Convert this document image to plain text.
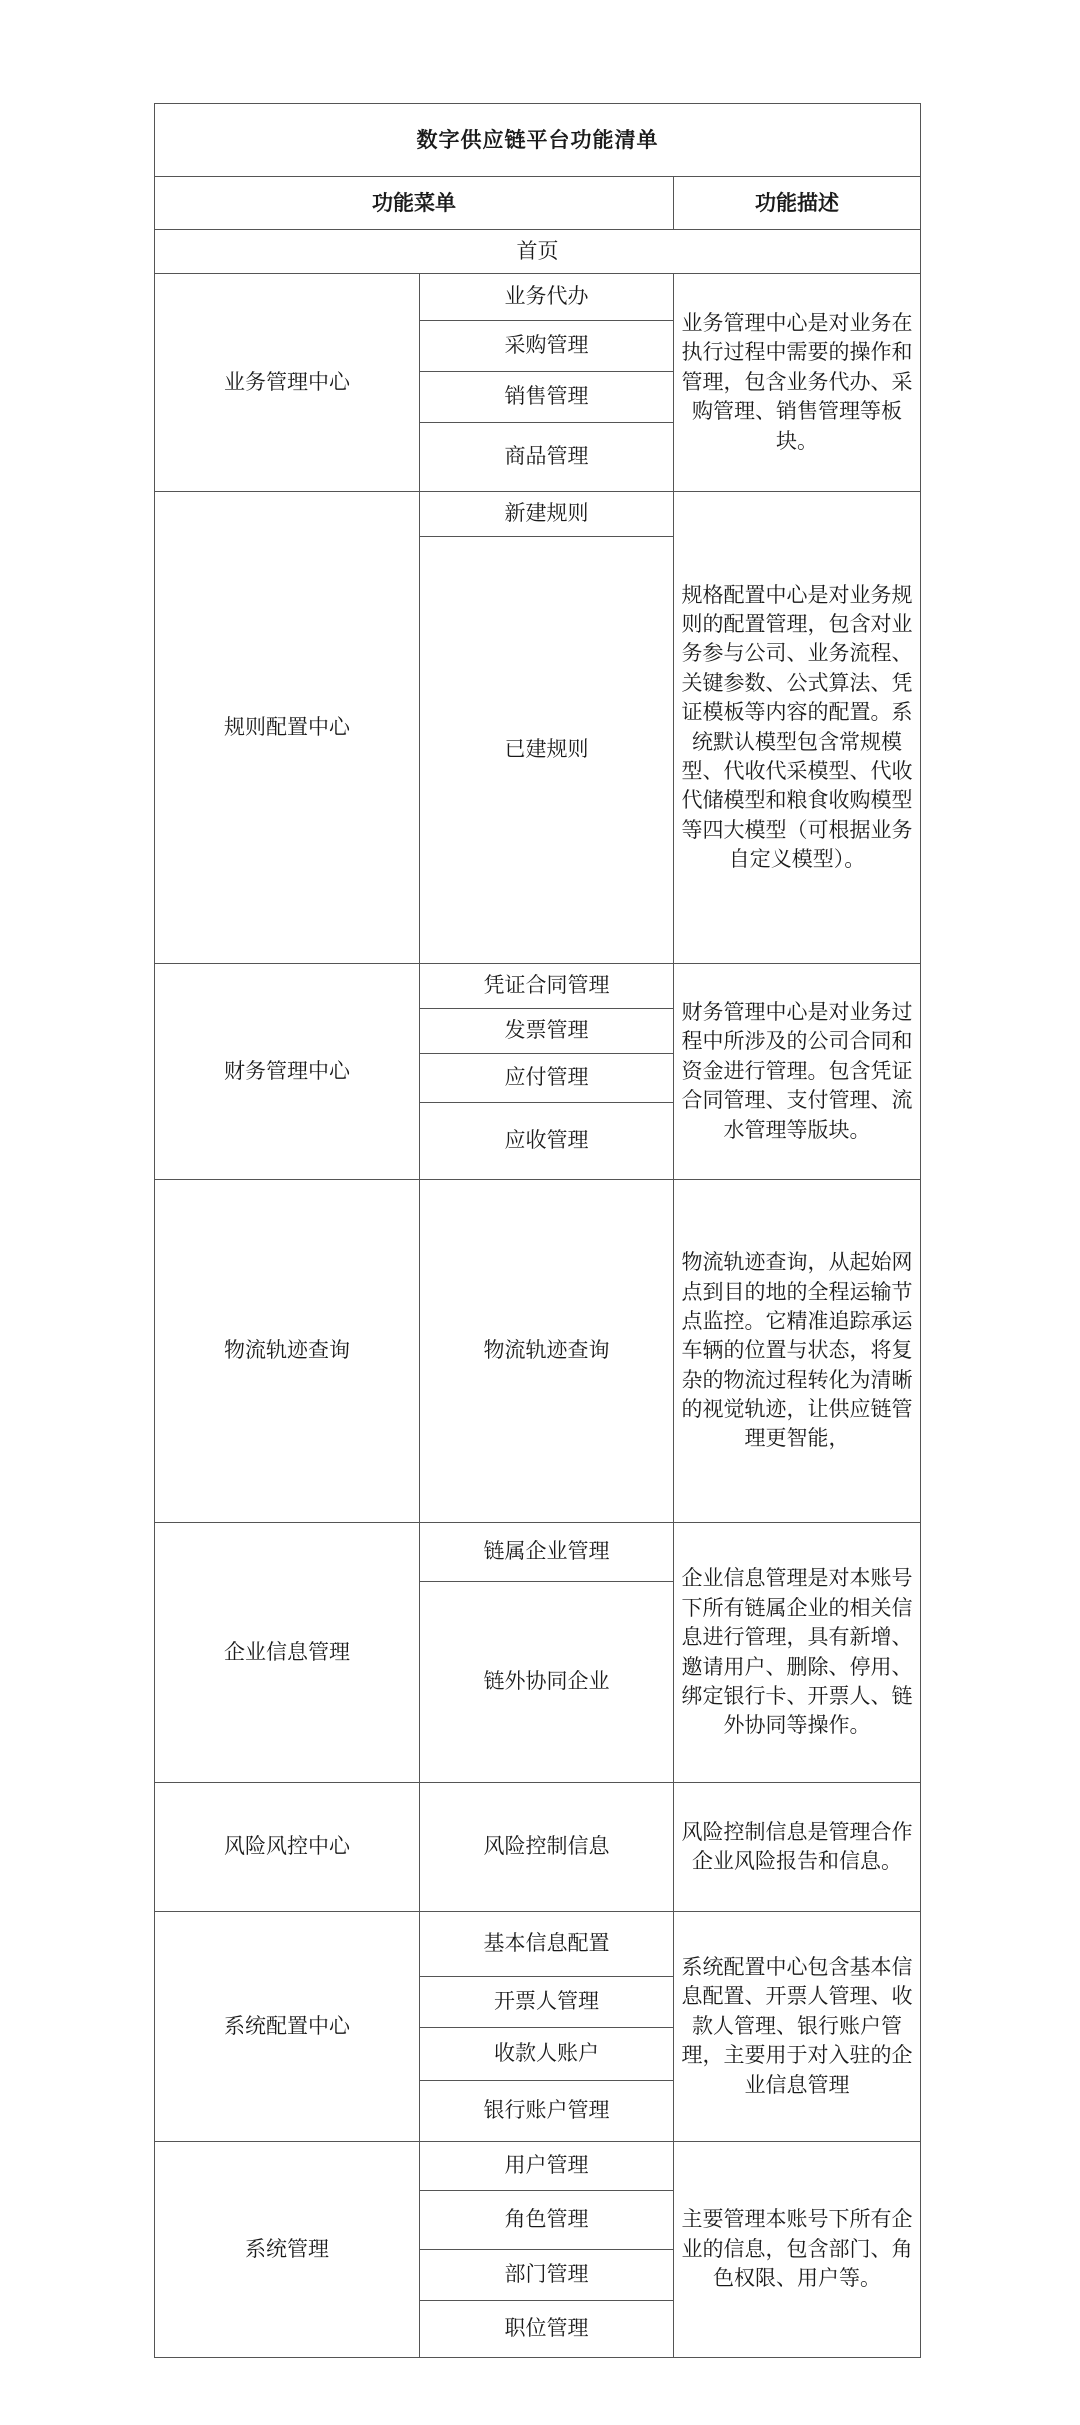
数字供应链平台功能清单		
功能菜单		功能描述
首页		
业务管理中心	业务代办	业务管理中心是对业务在执行过程中需要的操作和管理，包含业务代办、采购管理、销售管理等板块。
	采购管理	
	销售管理	
	商品管理	
规则配置中心	新建规则	规格配置中心是对业务规则的配置管理，包含对业务参与公司、业务流程、关键参数、公式算法、凭证模板等内容的配置。系统默认模型包含常规模型、代收代采模型、代收代储模型和粮食收购模型等四大模型（可根据业务自定义模型）。
	已建规则	
财务管理中心	凭证合同管理	财务管理中心是对业务过程中所涉及的公司合同和资金进行管理。包含凭证合同管理、支付管理、流水管理等版块。
	发票管理	
	应付管理	
	应收管理	
物流轨迹查询	物流轨迹查询	物流轨迹查询，从起始网点到目的地的全程运输节点监控。它精准追踪承运车辆的位置与状态，将复杂的物流过程转化为清晰的视觉轨迹，让供应链管理更智能，
企业信息管理	链属企业管理	企业信息管理是对本账号下所有链属企业的相关信息进行管理，具有新增、邀请用户、删除、停用、绑定银行卡、开票人、链外协同等操作。
	链外协同企业	
风险风控中心	风险控制信息	风险控制信息是管理合作企业风险报告和信息。
系统配置中心	基本信息配置	系统配置中心包含基本信息配置、开票人管理、收款人管理、银行账户管理，主要用于对入驻的企业信息管理
	开票人管理	
	收款人账户	
	银行账户管理	
系统管理	用户管理	主要管理本账号下所有企业的信息，包含部门、角色权限、用户等。
	角色管理	
	部门管理	
	职位管理	
